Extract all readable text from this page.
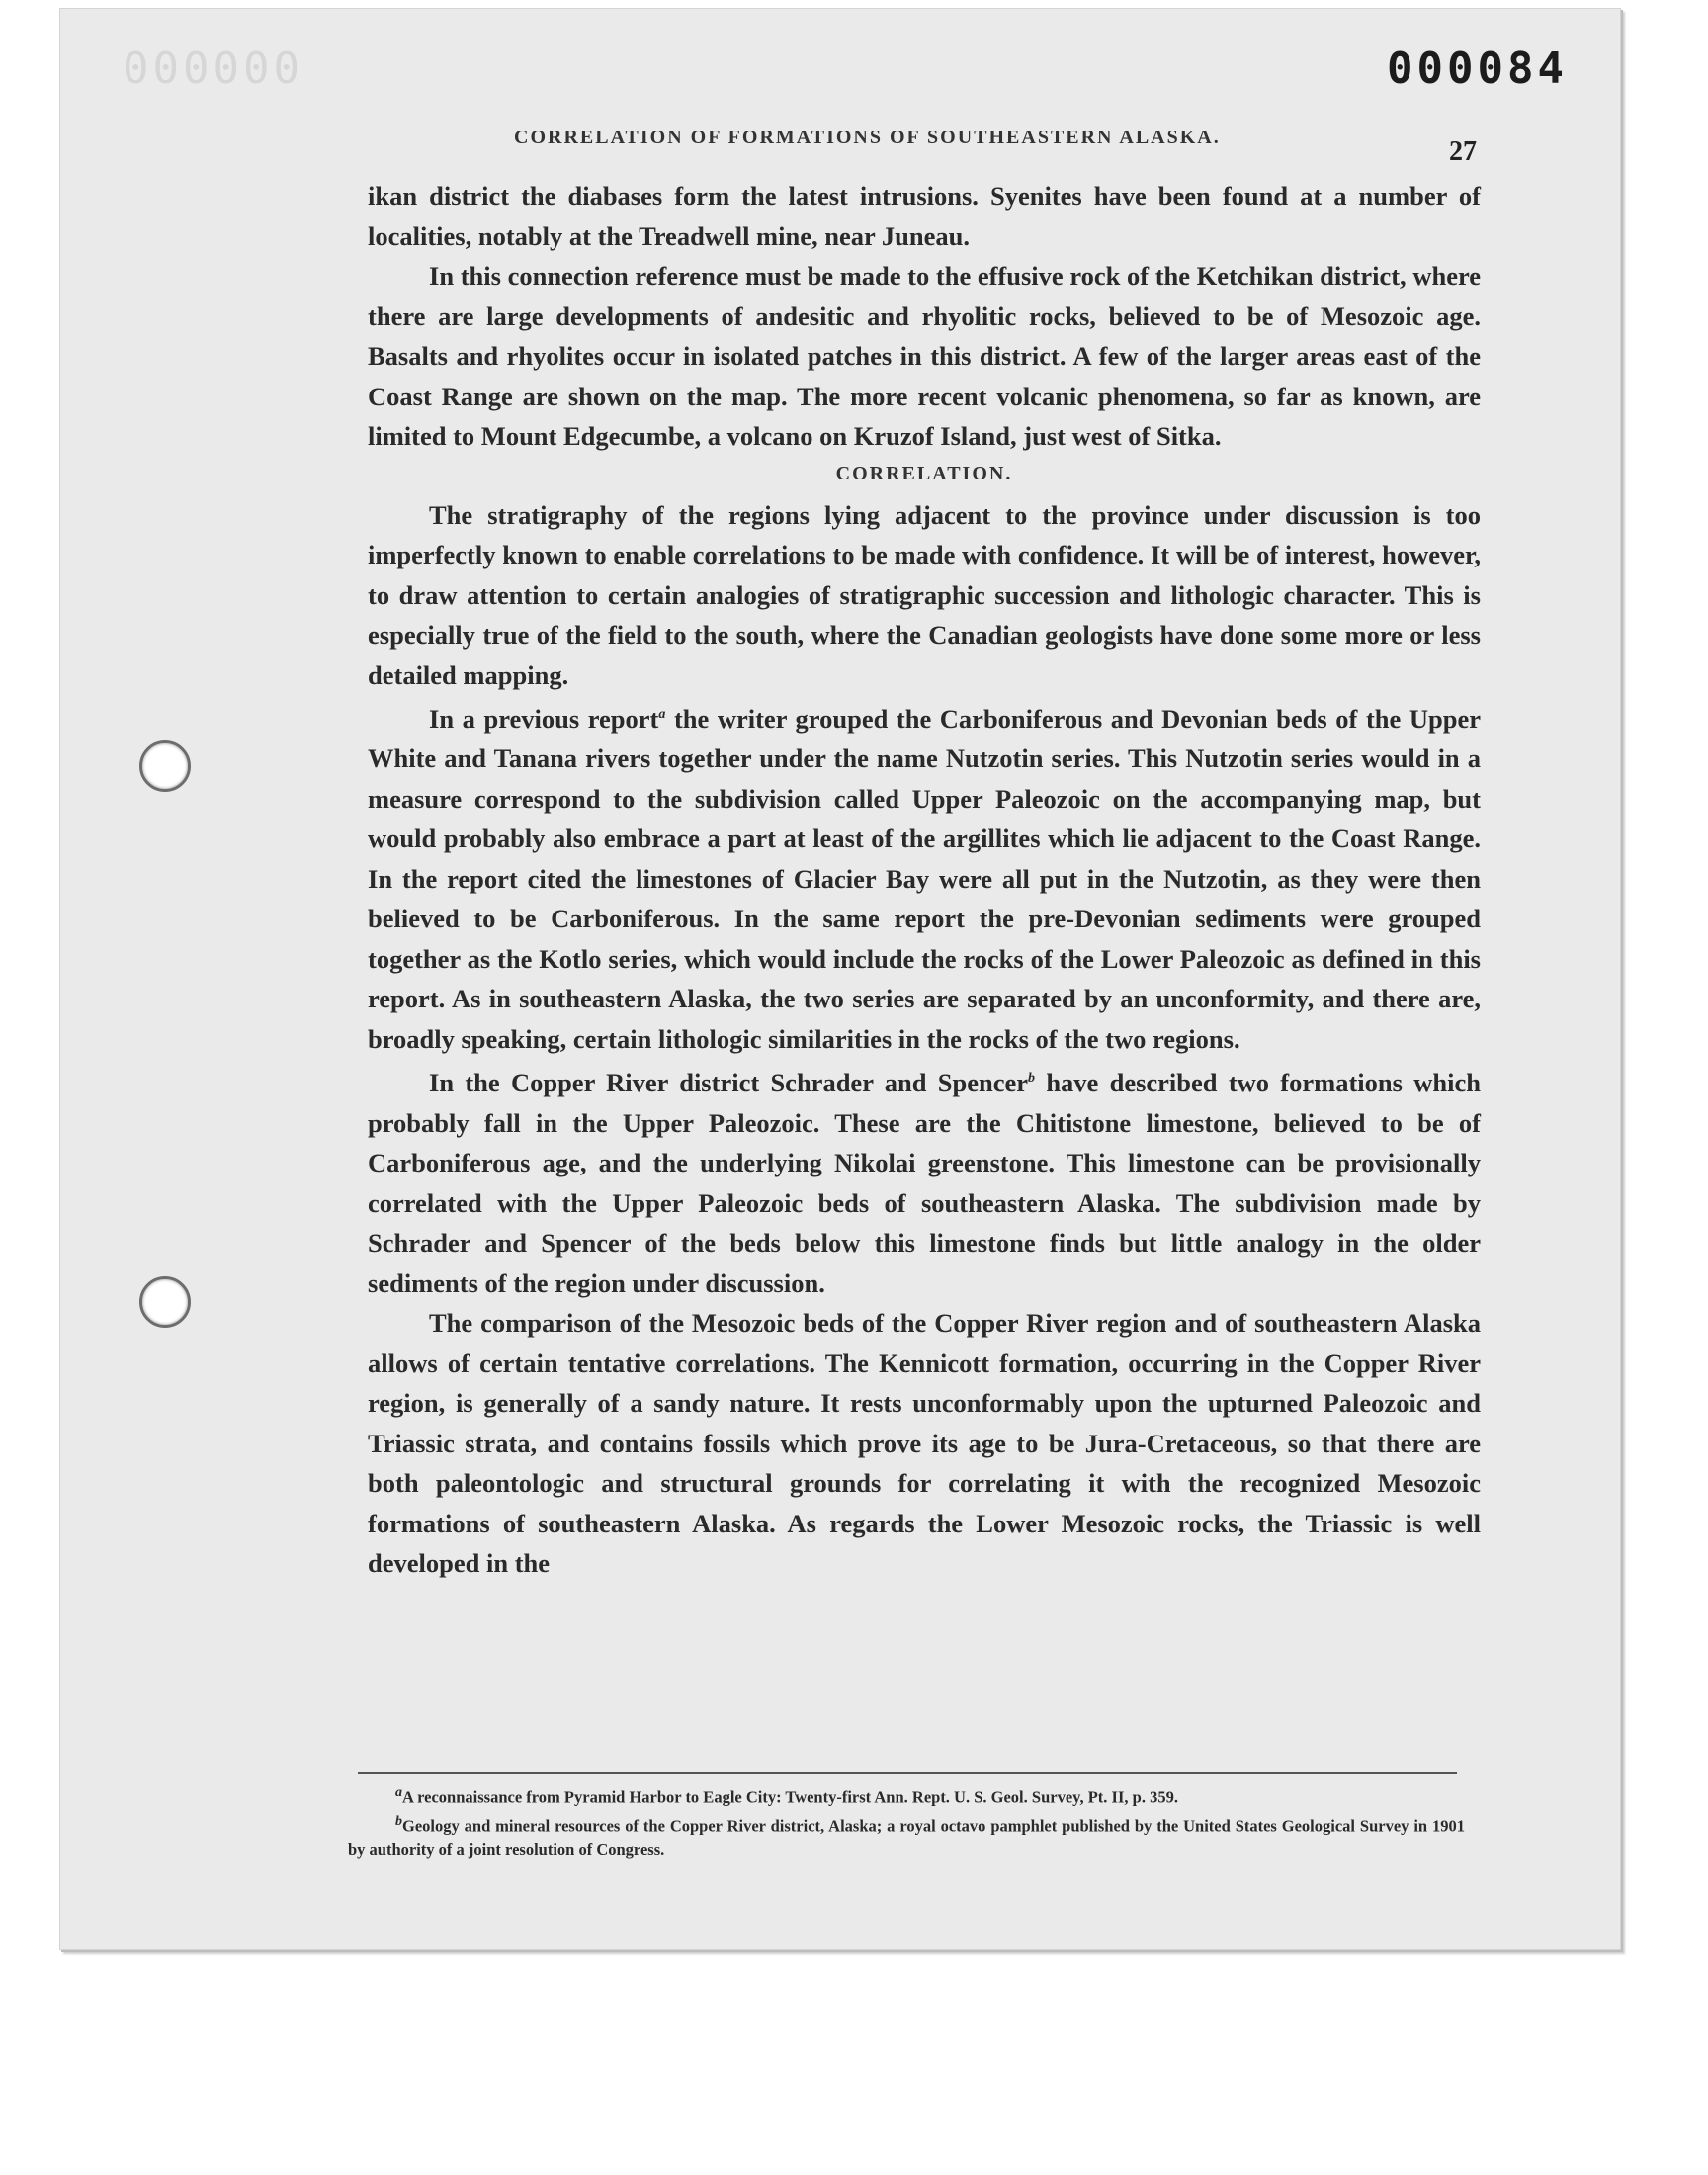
000000	000084
CORRELATION OF FORMATIONS OF SOUTHEASTERN ALASKA.	27

ikan district the diabases form the latest intrusions. Syenites have been found at a number of localities, notably at the Treadwell mine, near Juneau.

In this connection reference must be made to the effusive rock of the Ketchikan district, where there are large developments of andesitic and rhyolitic rocks, believed to be of Mesozoic age. Basalts and rhyolites occur in isolated patches in this district. A few of the larger areas east of the Coast Range are shown on the map. The more recent volcanic phenomena, so far as known, are limited to Mount Edgecumbe, a volcano on Kruzof Island, just west of Sitka.

CORRELATION.

The stratigraphy of the regions lying adjacent to the province under discussion is too imperfectly known to enable correlations to be made with confidence. It will be of interest, however, to draw attention to certain analogies of stratigraphic succession and lithologic character. This is especially true of the field to the south, where the Canadian geologists have done some more or less detailed mapping.

In a previous report$^a$ the writer grouped the Carboniferous and Devonian beds of the Upper White and Tanana rivers together under the name Nutzotin series. This Nutzotin series would in a measure correspond to the subdivision called Upper Paleozoic on the accompanying map, but would probably also embrace a part at least of the argillites which lie adjacent to the Coast Range. In the report cited the limestones of Glacier Bay were all put in the Nutzotin, as they were then believed to be Carboniferous. In the same report the pre-Devonian sediments were grouped together as the Kotlo series, which would include the rocks of the Lower Paleozoic as defined in this report. As in southeastern Alaska, the two series are separated by an unconformity, and there are, broadly speaking, certain lithologic similarities in the rocks of the two regions.

In the Copper River district Schrader and Spencer$^b$ have described two formations which probably fall in the Upper Paleozoic. These are the Chitistone limestone, believed to be of Carboniferous age, and the underlying Nikolai greenstone. This limestone can be provisionally correlated with the Upper Paleozoic beds of southeastern Alaska. The subdivision made by Schrader and Spencer of the beds below this limestone finds but little analogy in the older sediments of the region under discussion.

The comparison of the Mesozoic beds of the Copper River region and of southeastern Alaska allows of certain tentative correlations. The Kennicott formation, occurring in the Copper River region, is generally of a sandy nature. It rests unconformably upon the upturned Paleozoic and Triassic strata, and contains fossils which prove its age to be Jura-Cretaceous, so that there are both paleontologic and structural grounds for correlating it with the recognized Mesozoic formations of southeastern Alaska. As regards the Lower Mesozoic rocks, the Triassic is well developed in the

$^a$A reconnaissance from Pyramid Harbor to Eagle City: Twenty-first Ann. Rept. U. S. Geol. Survey, Pt. II, p. 359.

$^b$Geology and mineral resources of the Copper River district, Alaska; a royal octavo pamphlet published by the United States Geological Survey in 1901 by authority of a joint resolution of Congress.
